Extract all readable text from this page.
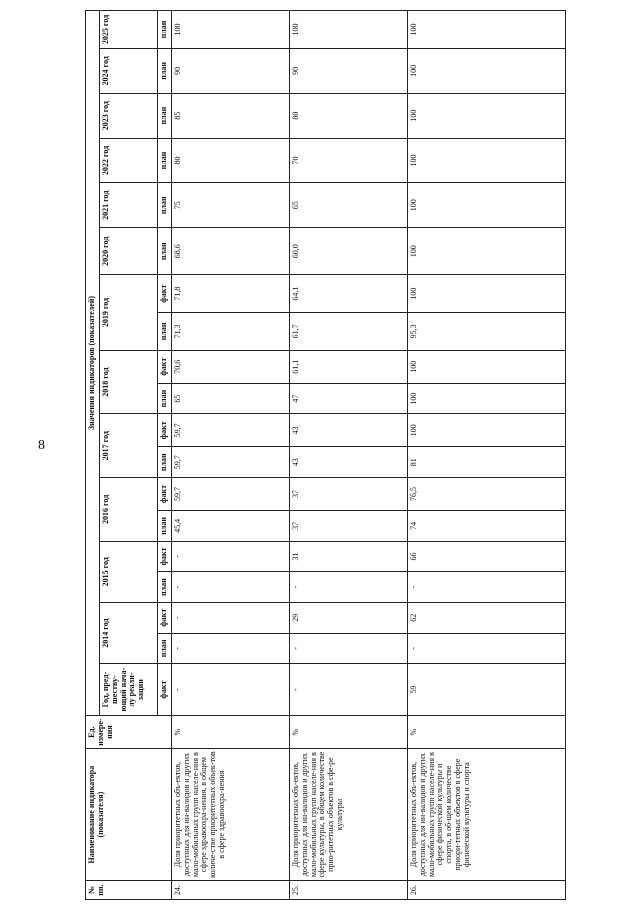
8
№ пп.	Наименование индикатора (показателя)	Ед. измере-ния	Значения индикаторов (показателей)																		
			Год, пред-шеству-ющий нача-лу реали-зации	2014 год		2015 год		2016 год		2017 год		2018 год		2019 год		2020 год	2021 год	2022 год	2023 год	2024 год	2025 год
			факт	план	факт	план	факт	план	факт	план	факт	план	факт	план	факт	план	план	план	план	план	план
24.	Доля приоритетных объ-ектов, доступных для ин-валидов и других мало-мобильных групп населе-ния в сфере здравоохра-нения, в общем количе-стве приоритетных объек-тов в сфере здравоохра-нения	%	-	-	-	-	-	45,4	59,7	59,7	59,7	65	70,6	71,3	71,8	68,6	75	80	85	90	100
25.	Доля приоритетных объ-ектов, доступных для ин-валидов и других мало-мобильных групп населе-ния в сфере культуры, в общем количестве прио-ритетных объектов в сфе-ре культуры	%	-	-	29	-	31	37	37	43	43	47	61,1	61,7	64,1	60,0	65	70	80	90	100
26.	Доля приоритетных объ-ектов, доступных для ин-валидов и других мало-мобильных групп населе-ния в сфере физической культуры и спорта, в об-щем количестве приори-тетных объектов в сфере физической культуры и спорта	%	59	-	62	-	66	74	76,5	81	100	100	100	95,3	100	100	100	100	100	100	100
